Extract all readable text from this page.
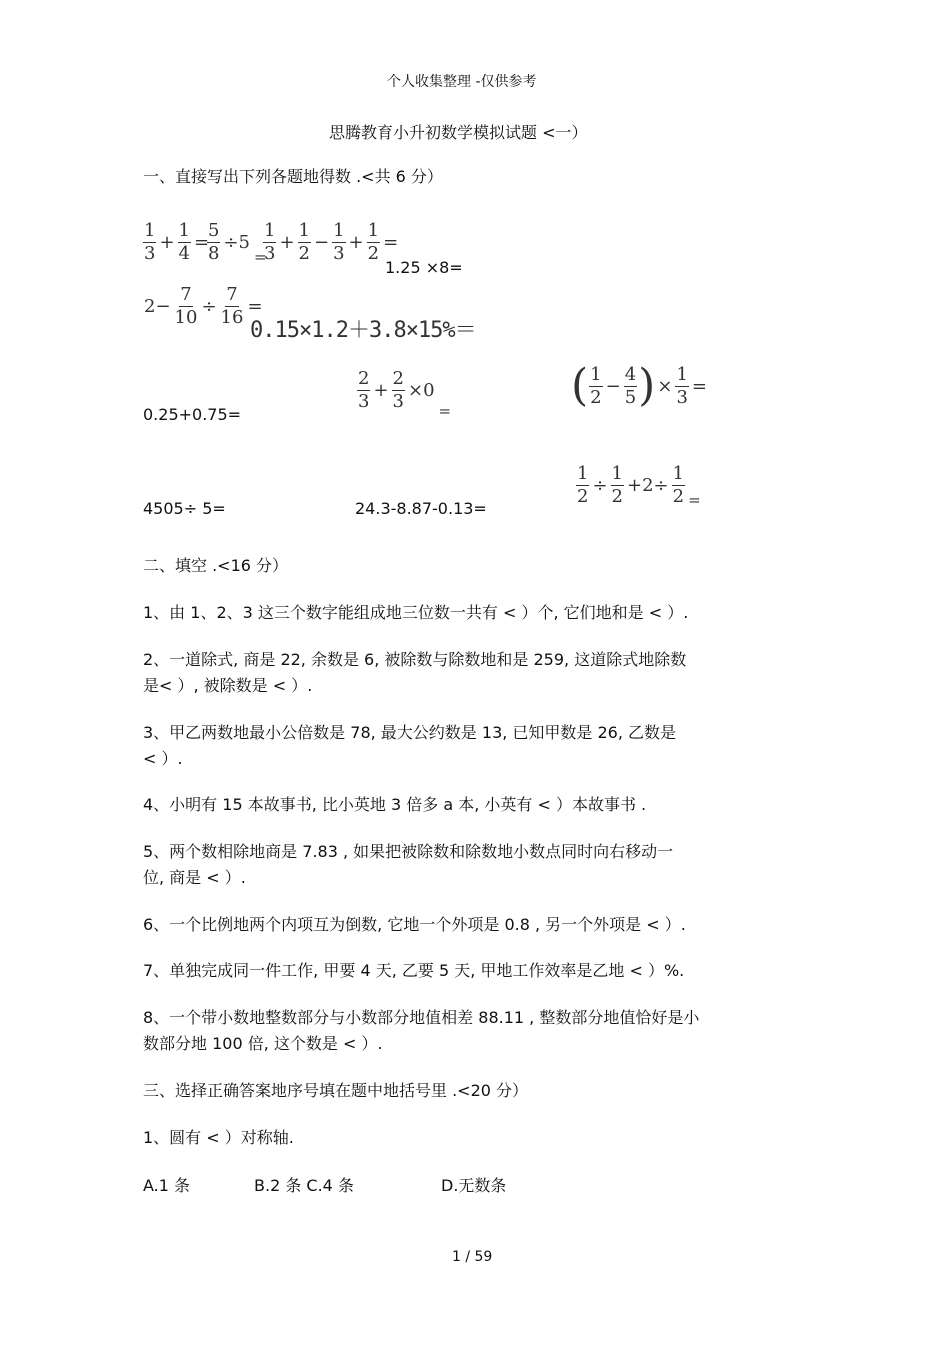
个人收集整理 -仅供参考
思腾教育小升初数学模拟试题 <一）
一、直接写出下列各题地得数 .<共 6 分）
$\frac{1}{3} + \frac{1}{4}$ =
$\frac{5}{8} \div 5_=$
$\frac{1}{3} + \frac{1}{2} - \frac{1}{3} + \frac{1}{2}$ =
1.25 ×8=
$2- \frac{7}{10} \div \frac{7}{16}$ =
0.15×1.2＋3.8×15%＝
0.25+0.75=
$\frac{2}{3} + \frac{2}{3} \times 0_=$	( $\frac{1}{2} - \frac{4}{5}$ ) × $\frac{1}{3}$ =
4505÷ 5=	24.3-8.87-0.13=
$\frac{1}{2} \div \frac{1}{2} +2\div \frac{1}{2} _=$
二、填空 .<16 分）
1、由 1、2、3 这三个数字能组成地三位数一共有 < ）个, 它们地和是 < ）.
2、一道除式, 商是 22, 余数是 6, 被除数与除数地和是 259, 这道除式地除数
是< ）, 被除数是 < ）.
3、甲乙两数地最小公倍数是 78, 最大公约数是 13, 已知甲数是 26, 乙数是
< ）.
4、小明有 15 本故事书, 比小英地 3 倍多 a 本, 小英有 < ）本故事书 .
5、两个数相除地商是 7.83 , 如果把被除数和除数地小数点同时向右移动一
位, 商是 < ）.
6、一个比例地两个内项互为倒数, 它地一个外项是 0.8 , 另一个外项是 < ）.
7、单独完成同一件工作, 甲要 4 天, 乙要 5 天, 甲地工作效率是乙地 < ）%.
8、一个带小数地整数部分与小数部分地值相差 88.11 , 整数部分地值恰好是小
数部分地 100 倍, 这个数是 < ）.
三、选择正确答案地序号填在题中地括号里 .<20 分）
1、圆有 < ）对称轴.
A.1 条	B.2 条 C.4 条	D.无数条
1 / 59
